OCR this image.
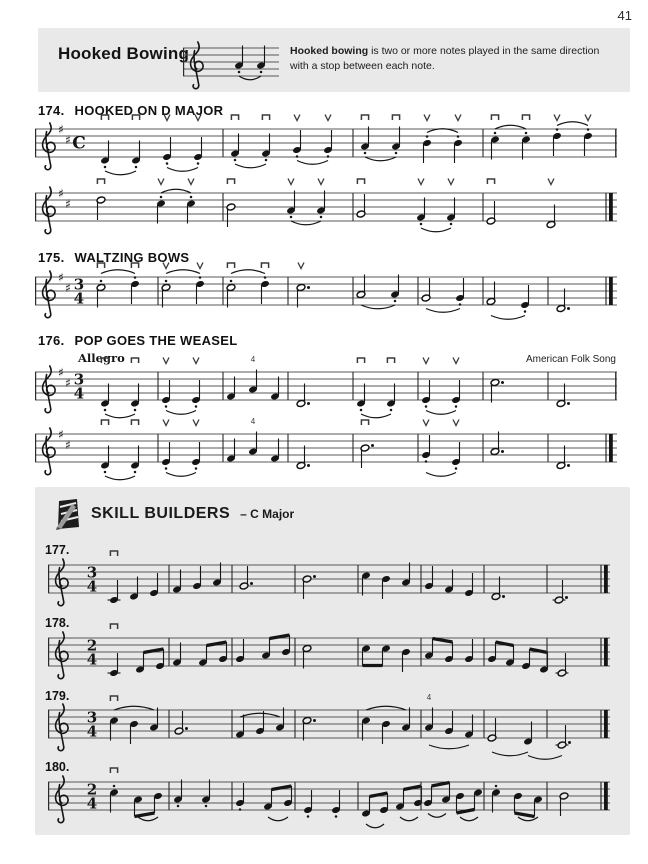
41
Hooked Bowing	Hooked bowing is two or more notes played in the same direction with a stop between each note.
174. HOOKED ON D MAJOR
♯
♯ C
♯
♯
175. WALTZING BOWS
♯
♯ 3
4
176. POP GOES THE WEASEL
Allegro	American Folk Song
♯
♯ 3
4
4
♯
♯
4
SKILL BUILDERS – C Major
177.
3
4
178.
2
4
179.
3
4
4
180.
2
4
